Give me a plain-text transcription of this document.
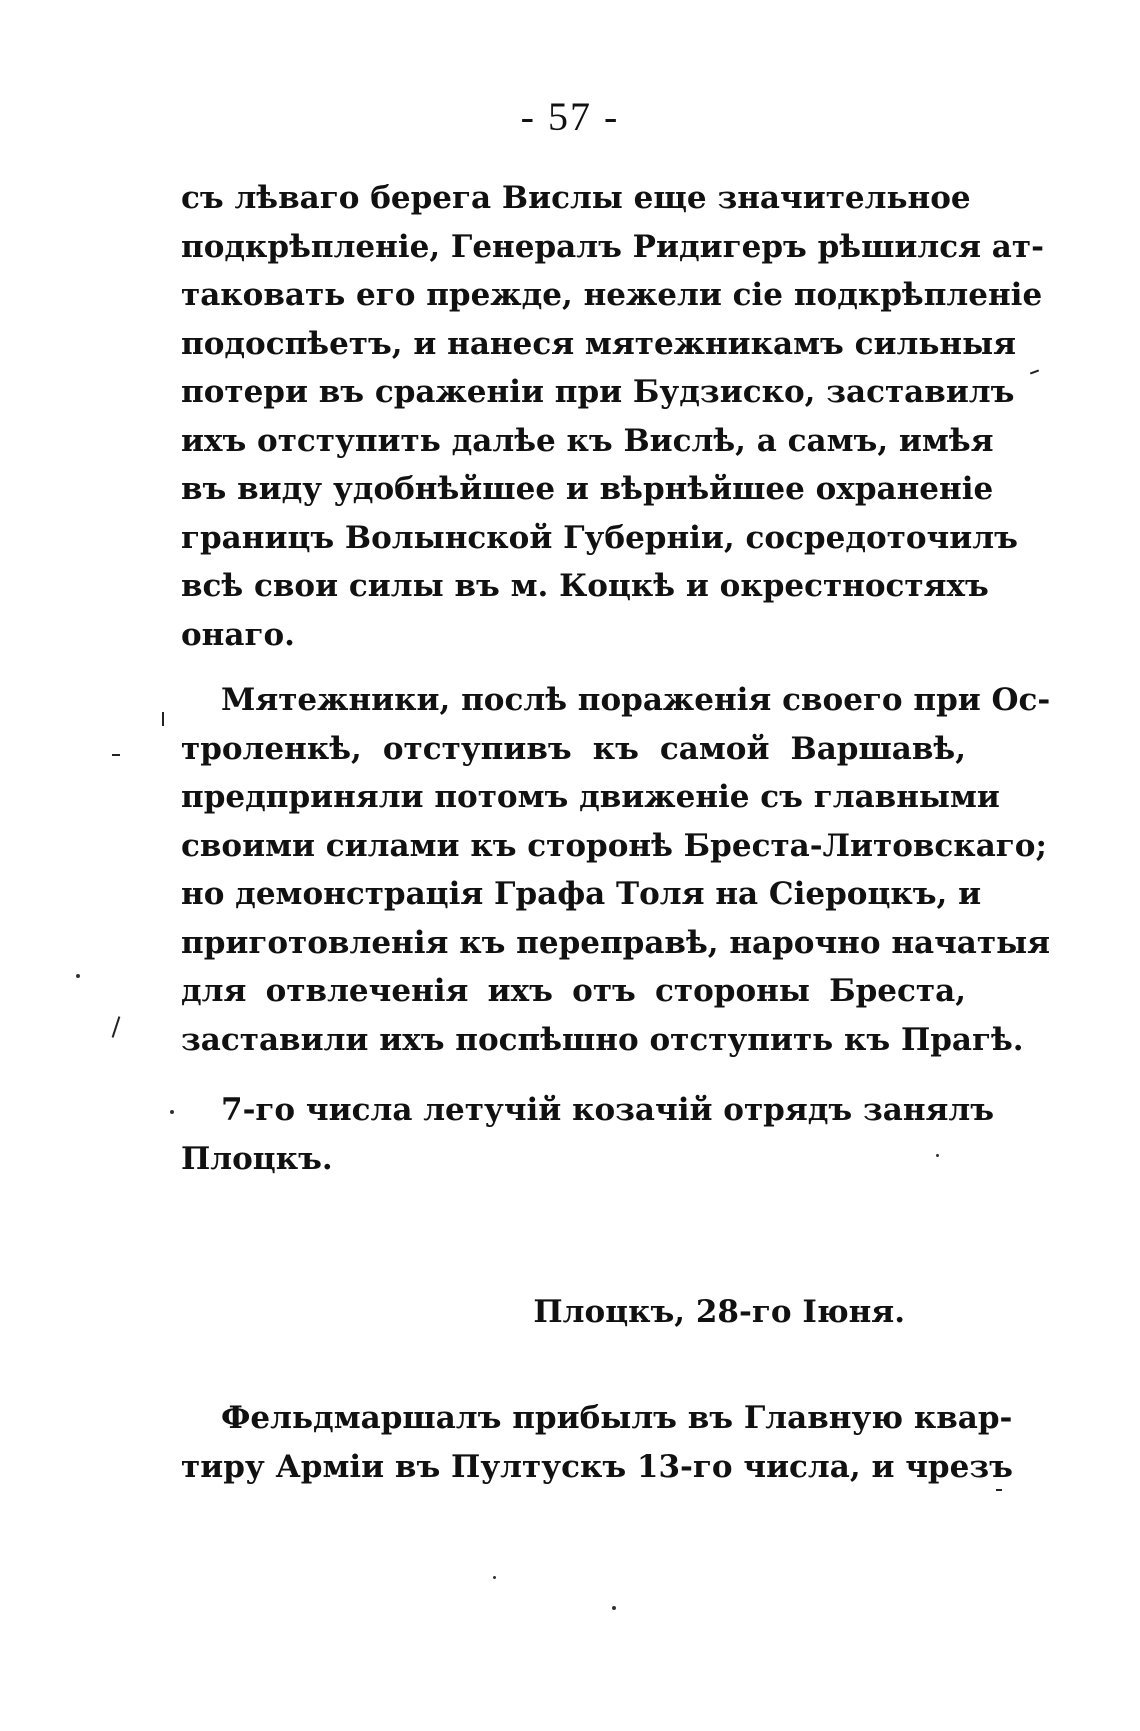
- 57 -
съ лѣваго берега Вислы еще значительное
подкрѣпленіе, Генералъ Ридигеръ рѣшился ат-
таковать его прежде, нежели сіе подкрѣпленіе
подоспѣетъ, и нанеся мятежникамъ сильныя
потери въ сраженіи при Будзиско, заставилъ
ихъ отступить далѣе къ Вислѣ, а самъ, имѣя
въ виду удобнѣйшее и вѣрнѣйшее охраненіе
границъ Волынской Губерніи, сосредоточилъ
всѣ свои силы въ м. Коцкѣ и окрестностяхъ
онаго.
Мятежники, послѣ пораженія своего при Ос-
троленкѣ, отступивъ къ самой Варшавѣ,
предприняли потомъ движеніе съ главными
своими силами къ сторонѣ Бреста-Литовскаго;
но демонстрація Графа Толя на Сіероцкъ, и
приготовленія къ переправѣ, нарочно начатыя
для отвлеченія ихъ отъ стороны Бреста,
заставили ихъ поспѣшно отступить къ Прагѣ.
7-го числа летучій козачій отрядъ занялъ
Плоцкъ.
Плоцкъ, 28-го Іюня.
Фельдмаршалъ прибылъ въ Главную квар-
тиру Арміи въ Пултускъ 13-го числа, и чрезъ
